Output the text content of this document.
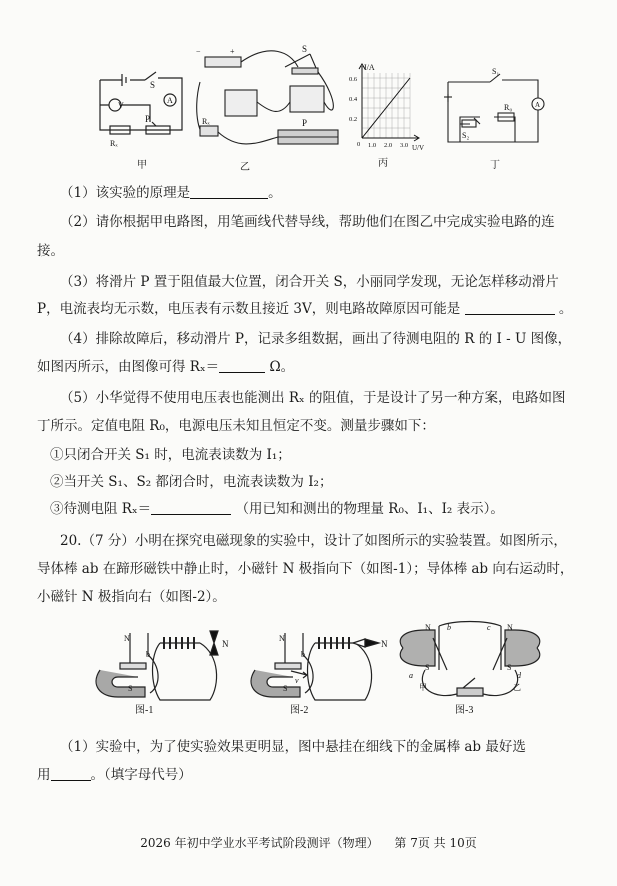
V
A
S
P
Rₓ
甲
−	+	S
P
Rₓ
乙
I/A
0.6
0.4
0.2
0 1.0 2.0 3.0 U/V
丙
S₁
A
R₀
S₂
丁
（1）该实验的原理是	。
（2）请你根据甲电路图，用笔画线代替导线，帮助他们在图乙中完成实验电路的连
接。
（3）将滑片 P 置于阻值最大位置，闭合开关 S，小丽同学发现，无论怎样移动滑片
P，电流表均无示数，电压表有示数且接近 3V，则电路故障原因可能是	。
（4）排除故障后，移动滑片 P，记录多组数据，画出了待测电阻的 R 的 I - U 图像，
如图丙所示，由图像可得 Rₓ＝	Ω。
（5）小华觉得不使用电压表也能测出 Rₓ 的阻值，于是设计了另一种方案，电路如图
丁所示。定值电阻 R₀，电源电压未知且恒定不变。测量步骤如下：
①只闭合开关 S₁ 时，电流表读数为 I₁；
②当开关 S₁、S₂ 都闭合时，电流表读数为 I₂；
③待测电阻 Rₓ＝	（用已知和测出的物理量 R₀、I₁、I₂ 表示）。
20.（7 分）小明在探究电磁现象的实验中，设计了如图所示的实验装置。如图所示，
导体棒 ab 在蹄形磁铁中静止时，小磁针 N 极指向下（如图-1）；导体棒 ab 向右运动时，
小磁针 N 极指向右（如图-2）。
N
b
S
N
图-1
N
b
v
S
N
图-2
N b	c N
S	S
a	d
甲	乙
图-3
（1）实验中，为了使实验效果更明显，图中悬挂在细线下的金属棒 ab 最好选
用	。（填字母代号）
2026 年初中学业水平考试阶段测评（物理） 第 7页 共 10页
